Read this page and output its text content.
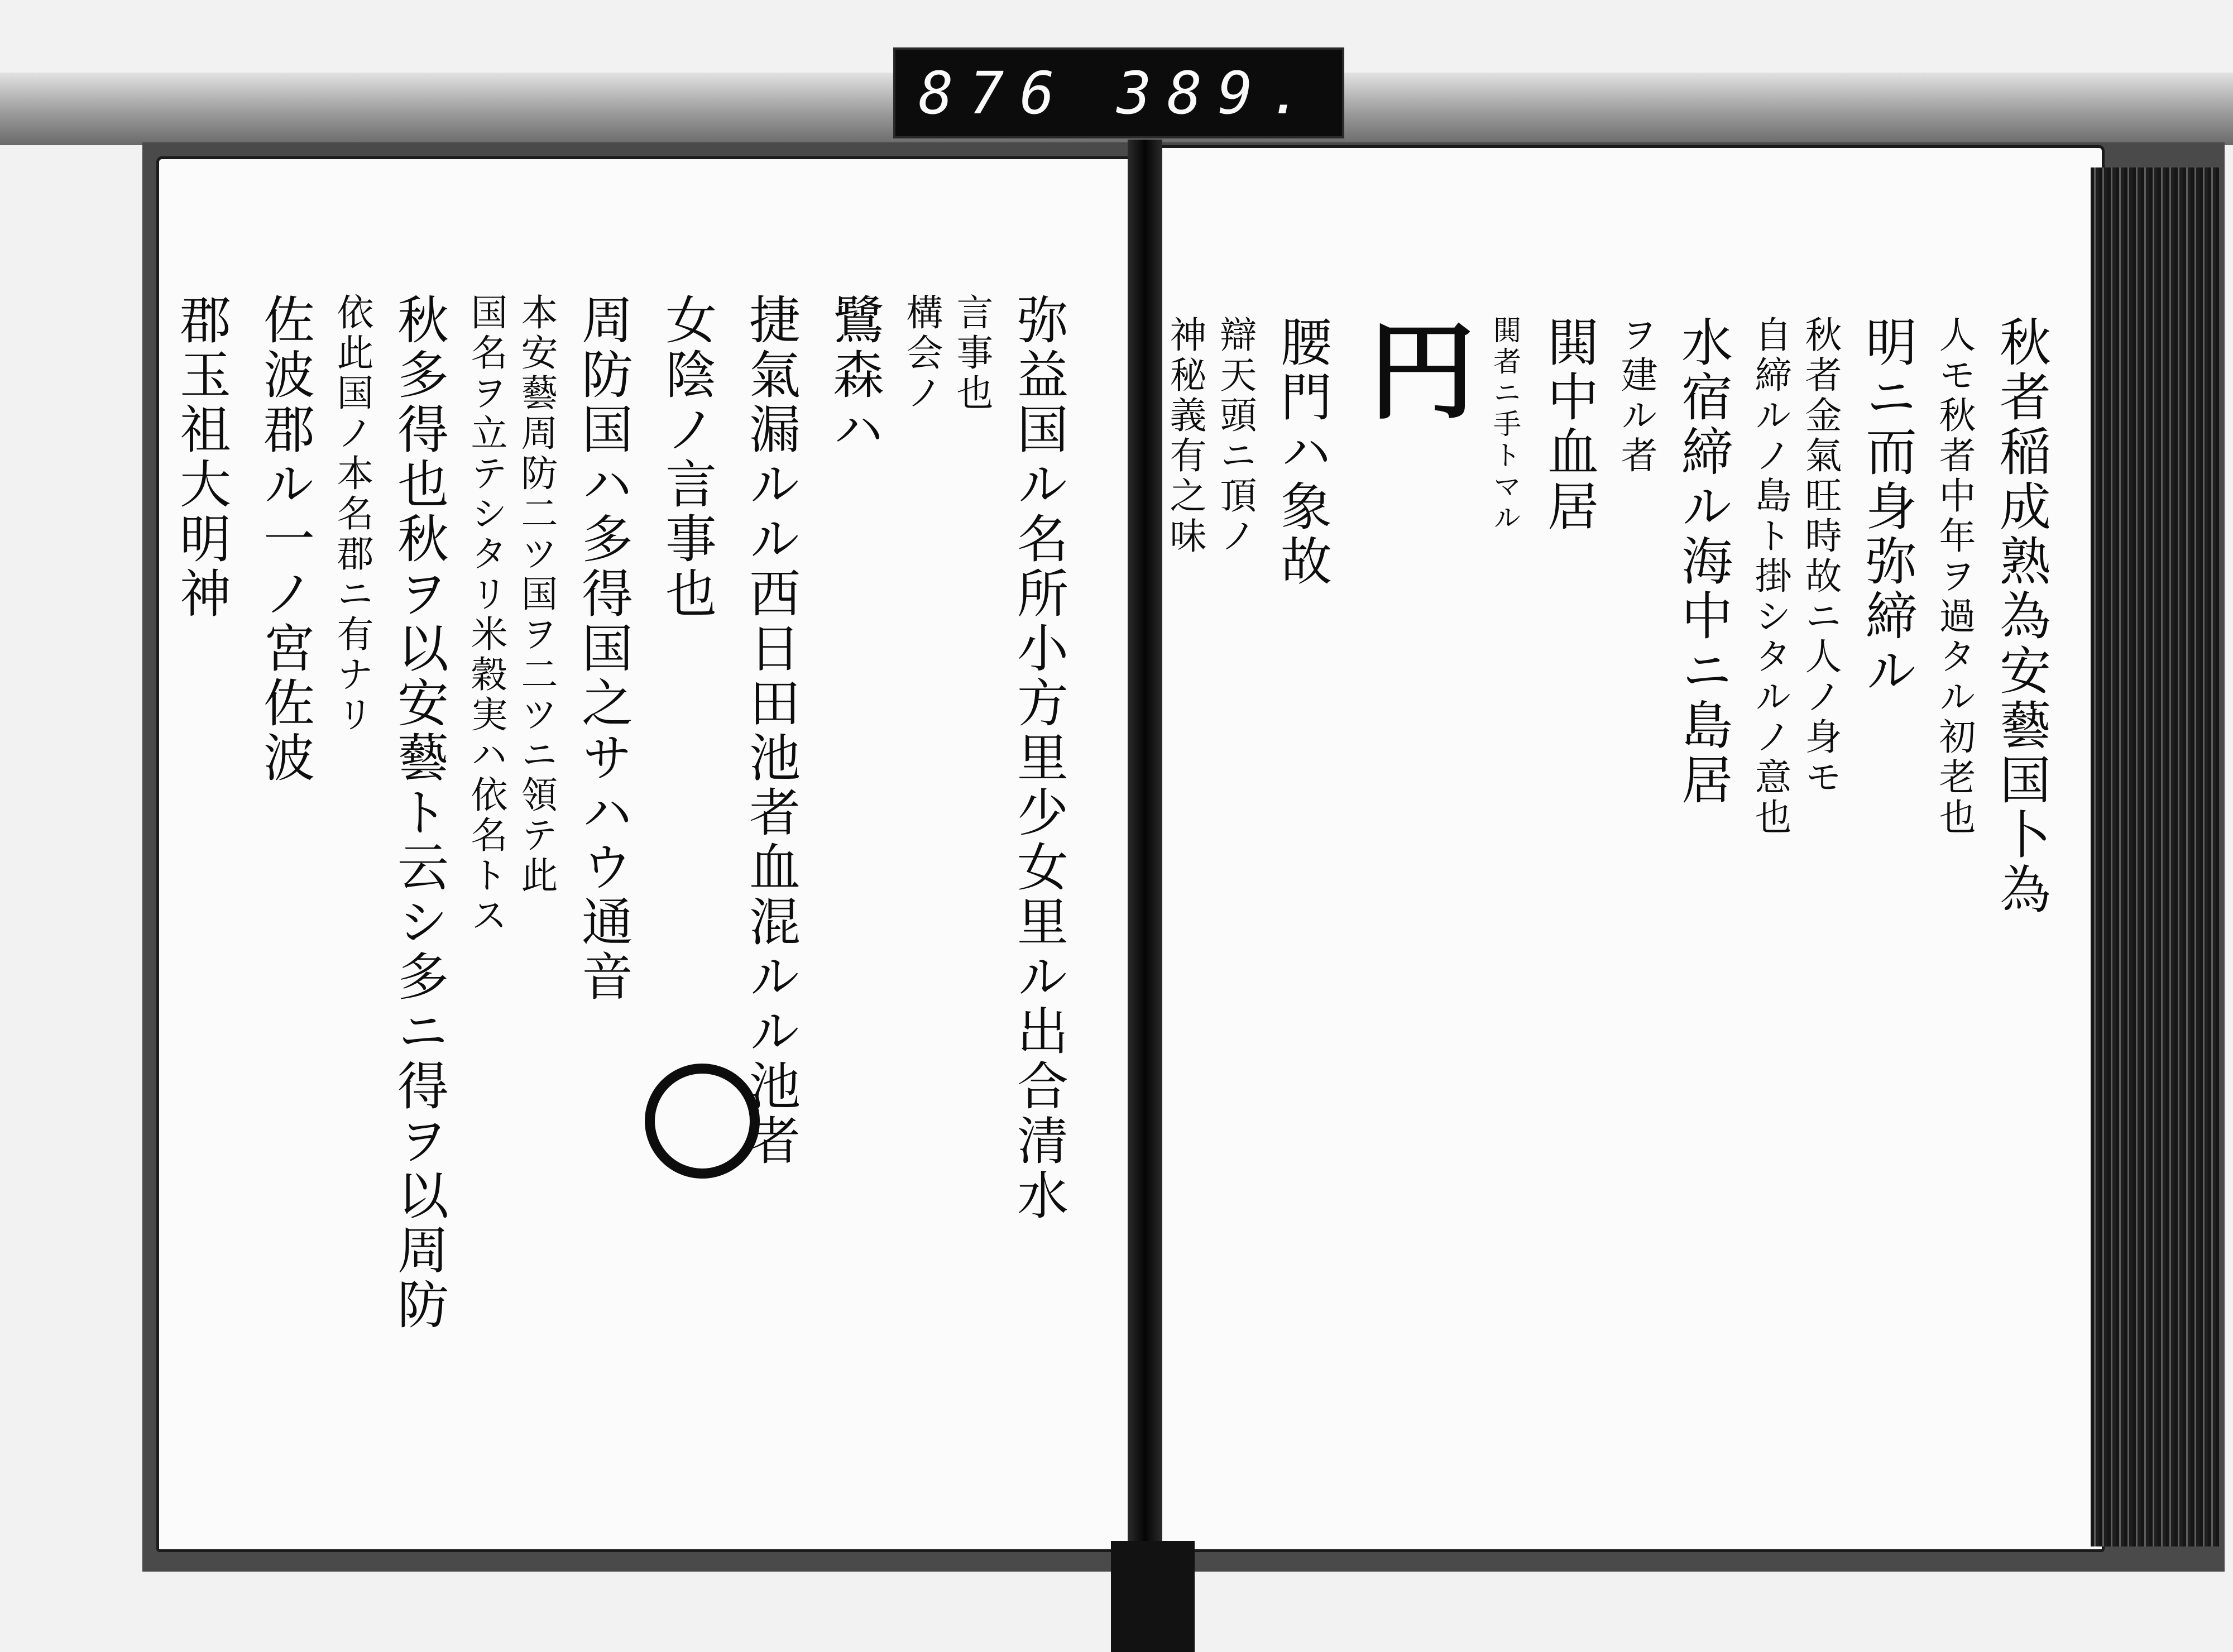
876 389.
弥益国ル名所小方里少女里ル出合清水
言事也
構会ノ
鷺森ハ
捷氣漏ルル西日田池者血混ルル池者
女陰ノ言事也
周防国ハ多得国之サハウ通音
本安藝周防二ツ国ヲ二ツニ領テ此
国名ヲ立テシタリ米穀実ハ依名トス
秋多得也秋ヲ以安藝ト云シ多ニ得ヲ以周防
依此国ノ本名郡ニ有ナリ
佐波郡ル一ノ宮佐波
郡玉祖大明神	秋者稲成熟為安藝国卜為
人モ秋者中年ヲ過タル初老也
明ニ而身弥締ル
秋者金氣旺時故ニ人ノ身モ
自締ルノ島ト掛シタルノ意也
水宿締ル海中ニ島居
ヲ建ル者
閧中血居
閧者ニ手トマル
円
腰門ハ象故
辯天頭ニ頂ノ
神秘義有之味
